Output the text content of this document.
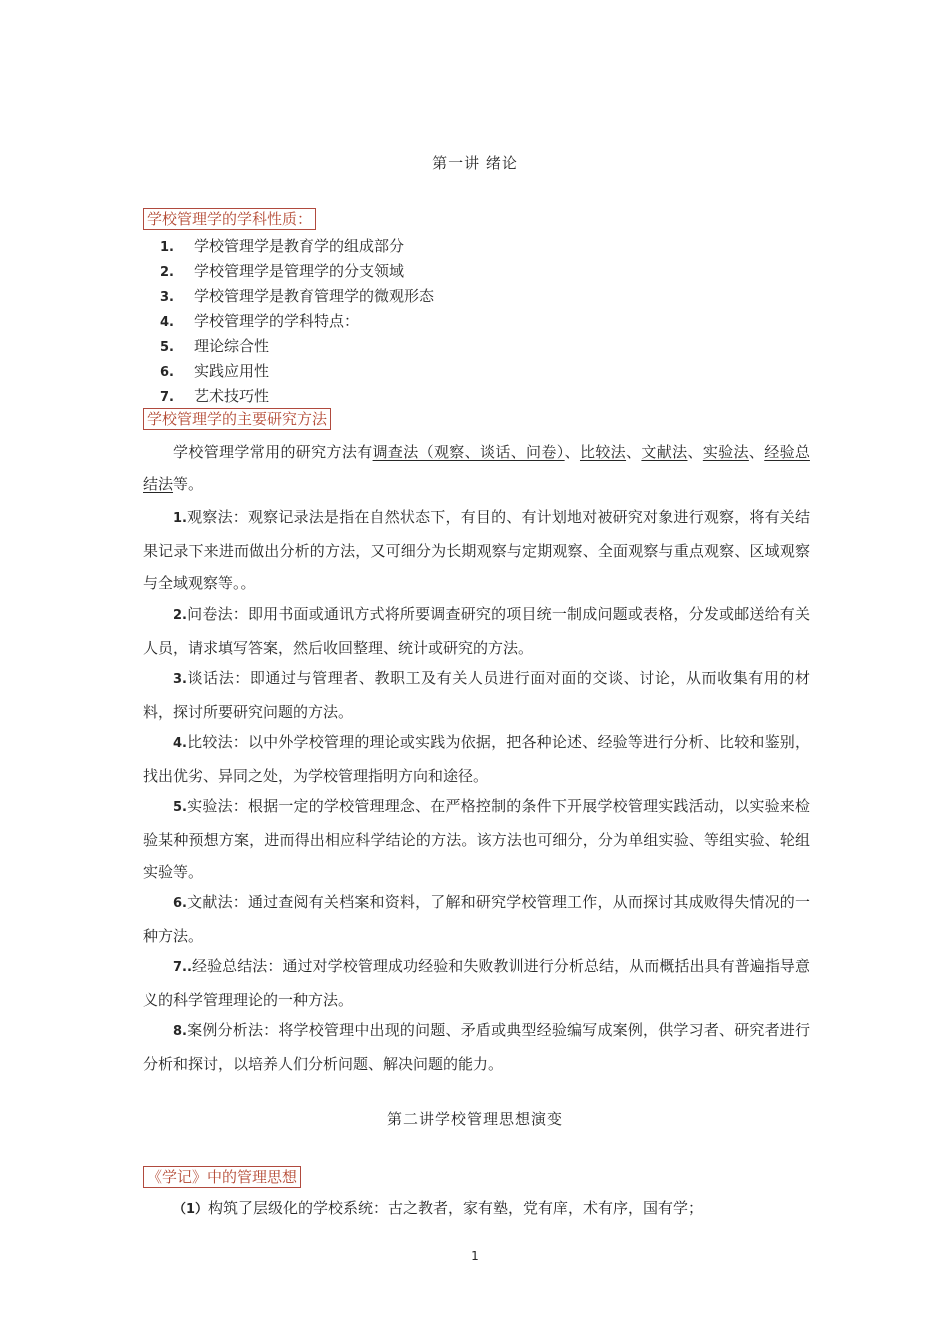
第一讲 绪论
学校管理学的学科性质：
1. 学校管理学是教育学的组成部分
2. 学校管理学是管理学的分支领域
3. 学校管理学是教育管理学的微观形态
4. 学校管理学的学科特点：
5. 理论综合性
6. 实践应用性
7. 艺术技巧性
学校管理学的主要研究方法
学校管理学常用的研究方法有调查法（观察、谈话、问卷）、比较法、文献法、实验法、经验总结法等。
1.观察法：观察记录法是指在自然状态下，有目的、有计划地对被研究对象进行观察，将有关结果记录下来进而做出分析的方法，又可细分为长期观察与定期观察、全面观察与重点观察、区域观察与全域观察等。。
2.问卷法：即用书面或通讯方式将所要调查研究的项目统一制成问题或表格，分发或邮送给有关人员，请求填写答案，然后收回整理、统计或研究的方法。
3.谈话法：即通过与管理者、教职工及有关人员进行面对面的交谈、讨论，从而收集有用的材料，探讨所要研究问题的方法。
4.比较法：以中外学校管理的理论或实践为依据，把各种论述、经验等进行分析、比较和鉴别，找出优劣、异同之处，为学校管理指明方向和途径。
5.实验法：根据一定的学校管理理念、在严格控制的条件下开展学校管理实践活动，以实验来检验某种预想方案，进而得出相应科学结论的方法。该方法也可细分，分为单组实验、等组实验、轮组实验等。
6.文献法：通过查阅有关档案和资料，了解和研究学校管理工作，从而探讨其成败得失情况的一种方法。
7..经验总结法：通过对学校管理成功经验和失败教训进行分析总结，从而概括出具有普遍指导意义的科学管理理论的一种方法。
8.案例分析法：将学校管理中出现的问题、矛盾或典型经验编写成案例，供学习者、研究者进行分析和探讨，以培养人们分析问题、解决问题的能力。
第二讲学校管理思想演变
《学记》中的管理思想
（1）构筑了层级化的学校系统：古之教者，家有塾，党有庠，术有序，国有学；
1
